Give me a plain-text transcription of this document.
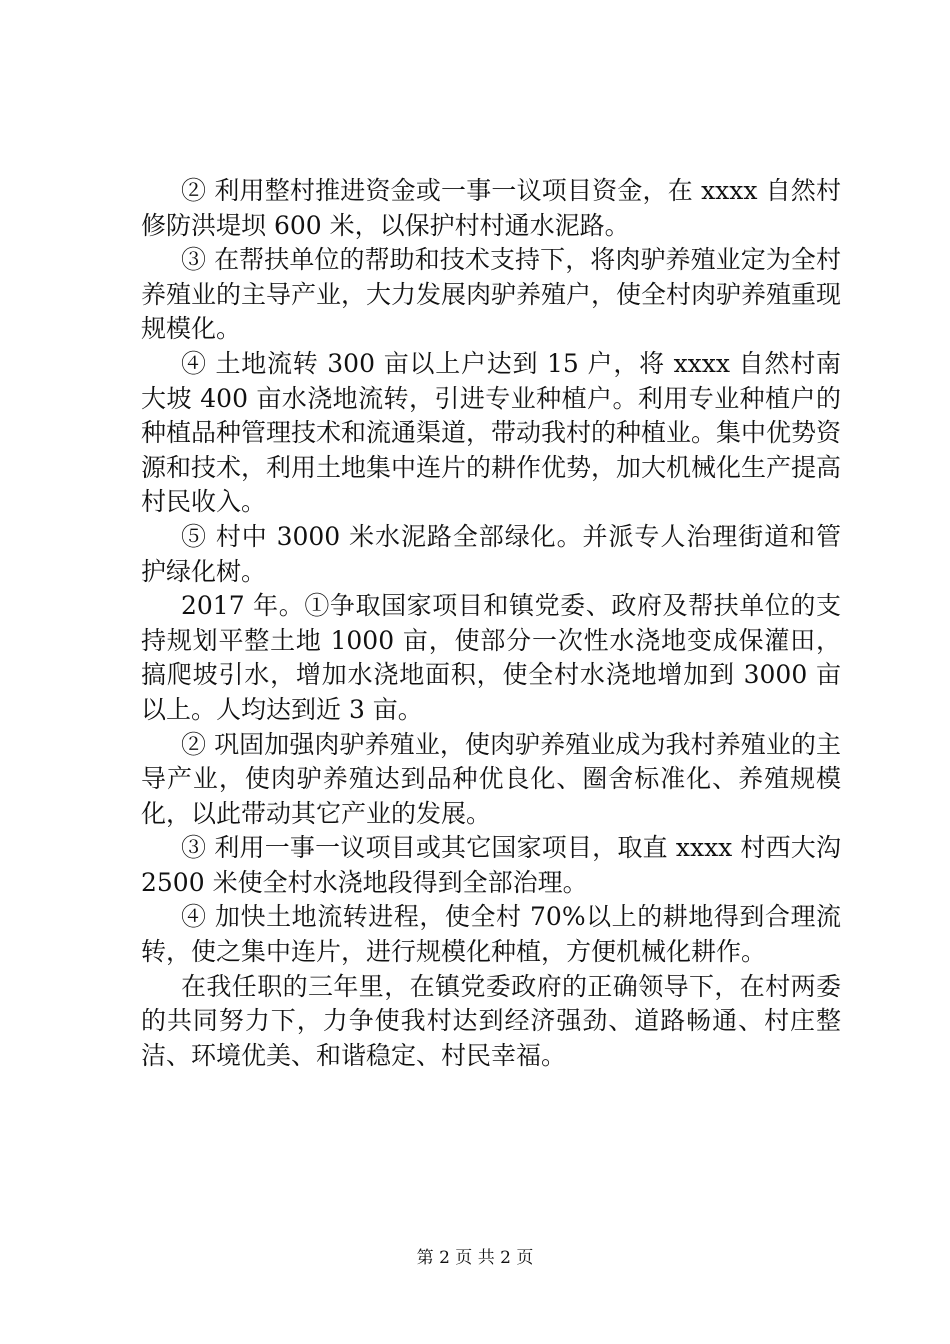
② 利用整村推进资金或一事一议项目资金，在 xxxx 自然村修防洪堤坝 600 米，以保护村村通水泥路。

③ 在帮扶单位的帮助和技术支持下，将肉驴养殖业定为全村养殖业的主导产业，大力发展肉驴养殖户，使全村肉驴养殖重现规模化。

④ 土地流转 300 亩以上户达到 15 户，将 xxxx 自然村南大坡 400 亩水浇地流转，引进专业种植户。利用专业种植户的种植品种管理技术和流通渠道，带动我村的种植业。集中优势资源和技术，利用土地集中连片的耕作优势，加大机械化生产提高村民收入。

⑤ 村中 3000 米水泥路全部绿化。并派专人治理街道和管护绿化树。

2017 年。①争取国家项目和镇党委、政府及帮扶单位的支持规划平整土地 1000 亩，使部分一次性水浇地变成保灌田，搞爬坡引水，增加水浇地面积，使全村水浇地增加到 3000 亩以上。人均达到近 3 亩。

② 巩固加强肉驴养殖业，使肉驴养殖业成为我村养殖业的主导产业，使肉驴养殖达到品种优良化、圈舍标准化、养殖规模化，以此带动其它产业的发展。

③ 利用一事一议项目或其它国家项目，取直 xxxx 村西大沟 2500 米使全村水浇地段得到全部治理。

④ 加快土地流转进程，使全村 70%以上的耕地得到合理流转，使之集中连片，进行规模化种植，方便机械化耕作。

在我任职的三年里，在镇党委政府的正确领导下，在村两委的共同努力下，力争使我村达到经济强劲、道路畅通、村庄整洁、环境优美、和谐稳定、村民幸福。

第 2 页 共 2 页
